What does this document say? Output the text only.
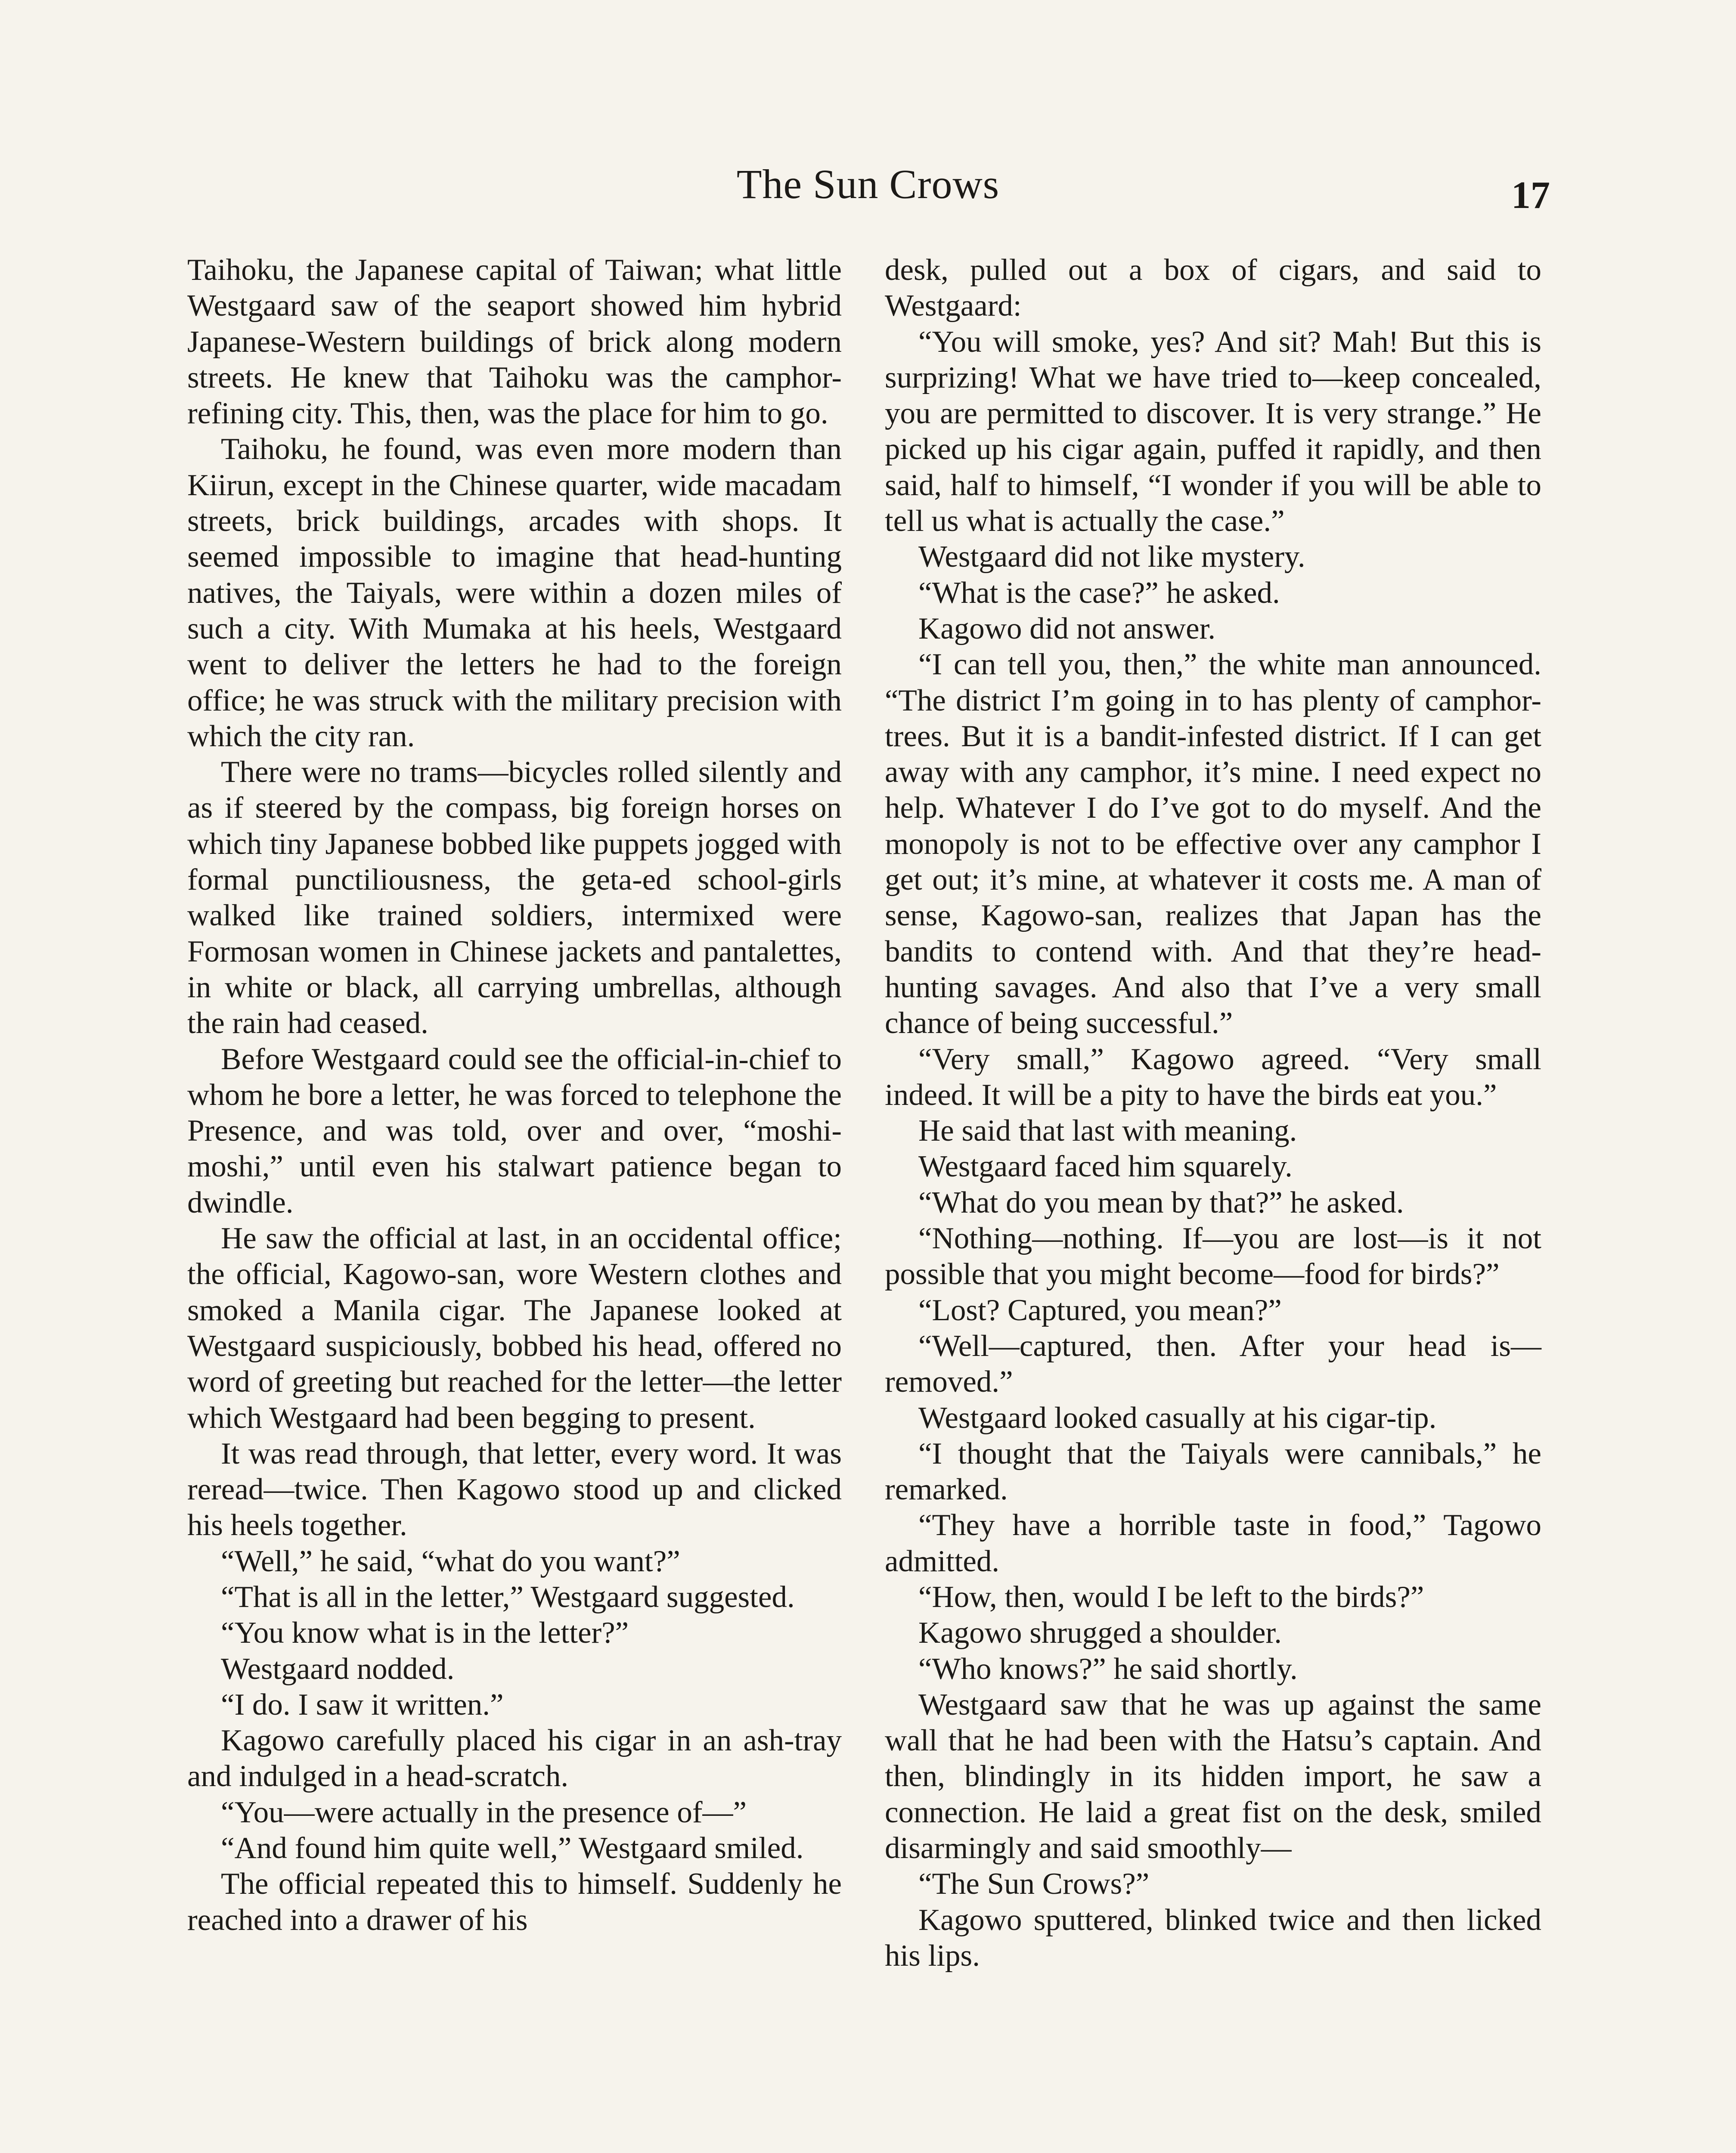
The Sun Crows	17

Taihoku, the Japanese capital of Taiwan; what little Westgaard saw of the seaport showed him hybrid Japanese-Western buildings of brick along modern streets. He knew that Taihoku was the camphor-refining city. This, then, was the place for him to go.

Taihoku, he found, was even more modern than Kiirun, except in the Chinese quarter, wide macadam streets, brick buildings, arcades with shops. It seemed impossible to imagine that head-hunting natives, the Taiyals, were within a dozen miles of such a city. With Mumaka at his heels, Westgaard went to deliver the letters he had to the foreign office; he was struck with the military precision with which the city ran.

There were no trams—bicycles rolled silently and as if steered by the compass, big foreign horses on which tiny Japanese bobbed like puppets jogged with formal punctiliousness, the geta-ed school-girls walked like trained soldiers, intermixed were Formosan women in Chinese jackets and pantalettes, in white or black, all carrying umbrellas, although the rain had ceased.

Before Westgaard could see the official-in-chief to whom he bore a letter, he was forced to telephone the Presence, and was told, over and over, “moshi-moshi,” until even his stalwart patience began to dwindle.

He saw the official at last, in an occidental office; the official, Kagowo-san, wore Western clothes and smoked a Manila cigar. The Japanese looked at Westgaard suspiciously, bobbed his head, offered no word of greeting but reached for the letter—the letter which Westgaard had been begging to present.

It was read through, that letter, every word. It was reread—twice. Then Kagowo stood up and clicked his heels together.

“Well,” he said, “what do you want?”

“That is all in the letter,” Westgaard suggested.

“You know what is in the letter?”

Westgaard nodded.

“I do. I saw it written.”

Kagowo carefully placed his cigar in an ash-tray and indulged in a head-scratch.

“You—were actually in the presence of—”

“And found him quite well,” Westgaard smiled.

The official repeated this to himself. Suddenly he reached into a drawer of his

desk, pulled out a box of cigars, and said to Westgaard:

“You will smoke, yes? And sit? Mah! But this is surprizing! What we have tried to—keep concealed, you are permitted to discover. It is very strange.” He picked up his cigar again, puffed it rapidly, and then said, half to himself, “I wonder if you will be able to tell us what is actually the case.”

Westgaard did not like mystery.

“What is the case?” he asked.

Kagowo did not answer.

“I can tell you, then,” the white man announced. “The district I’m going in to has plenty of camphor-trees. But it is a bandit-infested district. If I can get away with any camphor, it’s mine. I need expect no help. Whatever I do I’ve got to do myself. And the monopoly is not to be effective over any camphor I get out; it’s mine, at whatever it costs me. A man of sense, Kagowo-san, realizes that Japan has the bandits to contend with. And that they’re head-hunting savages. And also that I’ve a very small chance of being successful.”

“Very small,” Kagowo agreed. “Very small indeed. It will be a pity to have the birds eat you.”

He said that last with meaning.

Westgaard faced him squarely.

“What do you mean by that?” he asked.

“Nothing—nothing. If—you are lost—is it not possible that you might become—food for birds?”

“Lost? Captured, you mean?”

“Well—captured, then. After your head is—removed.”

Westgaard looked casually at his cigar-tip.

“I thought that the Taiyals were cannibals,” he remarked.

“They have a horrible taste in food,” Tagowo admitted.

“How, then, would I be left to the birds?”

Kagowo shrugged a shoulder.

“Who knows?” he said shortly.

Westgaard saw that he was up against the same wall that he had been with the Hatsu’s captain. And then, blindingly in its hidden import, he saw a connection. He laid a great fist on the desk, smiled disarmingly and said smoothly—

“The Sun Crows?”

Kagowo sputtered, blinked twice and then licked his lips.
